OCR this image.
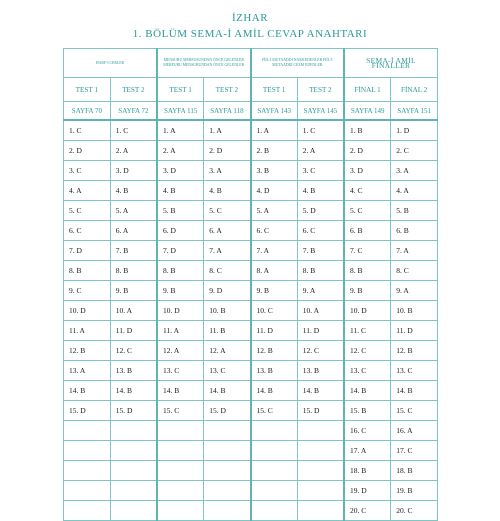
İZHAR
1. BÖLÜM SEMA-İ AMİL CEVAP ANAHTARI
HARF-İ CERLER		MENSUBU MERFUSUNDAN ÖNCE GELENLER MERFUBU MENSUBUNDAN ÖNCE GELENLER		FİİL-İ MUTAADDİ NASB EDENLER FİİL-İ MUTAADDİ CEZM EDENLER		SEMA-İ AMİL FİNALLER	
TEST 1	TEST 2	TEST 1	TEST 2	TEST 1	TEST 2	FİNAL 1	FİNAL 2
SAYFA 70	SAYFA 72	SAYFA 115	SAYFA 118	SAYFA 143	SAYFA 145	SAYFA 149	SAYFA 151
1. C	1. C	1. A	1. A	1. A	1. C	1. B	1. D
2. D	2. A	2. A	2. D	2. B	2. A	2. D	2. C
3. C	3. D	3. D	3. A	3. B	3. C	3. D	3. A
4. A	4. B	4. B	4. B	4. D	4. B	4. C	4. A
5. C	5. A	5. B	5. C	5. A	5. D	5. C	5. B
6. C	6. A	6. D	6. A	6. C	6. C	6. B	6. B
7. D	7. B	7. D	7. A	7. A	7. B	7. C	7. A
8. B	8. B	8. B	8. C	8. A	8. B	8. B	8. C
9. C	9. B	9. B	9. D	9. B	9. A	9. B	9. A
10. D	10. A	10. D	10. B	10. C	10. A	10. D	10. B
11. A	11. D	11. A	11. B	11. D	11. D	11. C	11. D
12. B	12. C	12. A	12. A	12. B	12. C	12. C	12. B
13. A	13. B	13. C	13. C	13. B	13. B	13. C	13. C
14. B	14. B	14. B	14. B	14. B	14. B	14. B	14. B
15. D	15. D	15. C	15. D	15. C	15. D	15. B	15. C
						16. C	16. A
						17. A	17. C
						18. B	18. B
						19. D	19. B
						20. C	20. C
